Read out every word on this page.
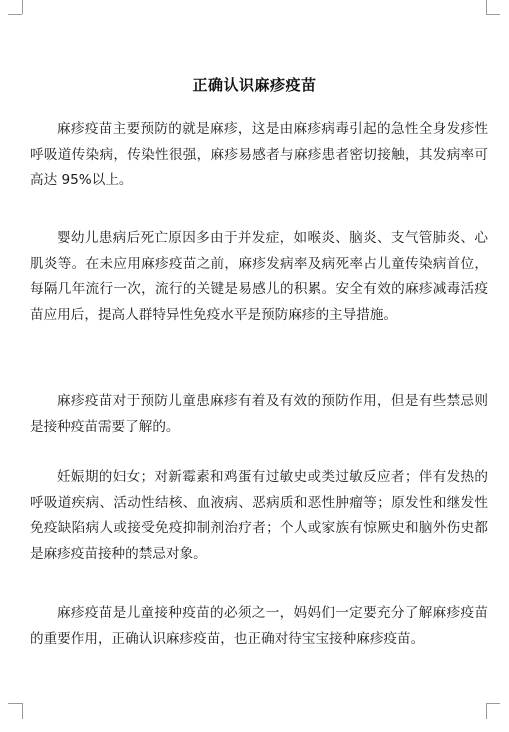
正确认识麻疹疫苗

麻疹疫苗主要预防的就是麻疹，这是由麻疹病毒引起的急性全身发疹性呼吸道传染病，传染性很强，麻疹易感者与麻疹患者密切接触，其发病率可高达 95%以上。

婴幼儿患病后死亡原因多由于并发症，如喉炎、脑炎、支气管肺炎、心肌炎等。在未应用麻疹疫苗之前，麻疹发病率及病死率占儿童传染病首位，每隔几年流行一次，流行的关键是易感儿的积累。安全有效的麻疹减毒活疫苗应用后，提高人群特异性免疫水平是预防麻疹的主导措施。

麻疹疫苗对于预防儿童患麻疹有着及有效的预防作用，但是有些禁忌则是接种疫苗需要了解的。

妊娠期的妇女；对新霉素和鸡蛋有过敏史或类过敏反应者；伴有发热的呼吸道疾病、活动性结核、血液病、恶病质和恶性肿瘤等；原发性和继发性免疫缺陷病人或接受免疫抑制剂治疗者；个人或家族有惊厥史和脑外伤史都是麻疹疫苗接种的禁忌对象。

麻疹疫苗是儿童接种疫苗的必须之一，妈妈们一定要充分了解麻疹疫苗的重要作用，正确认识麻疹疫苗，也正确对待宝宝接种麻疹疫苗。
